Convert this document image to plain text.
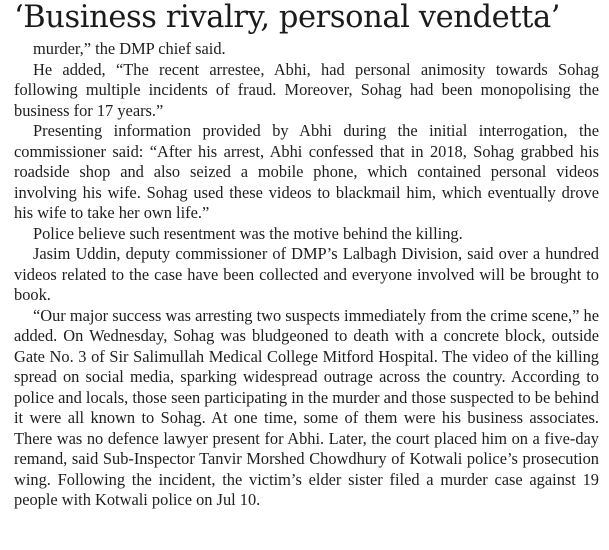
‘Business rivalry, personal vendetta’

murder,” the DMP chief said.

He added, “The recent arrestee, Abhi, had personal animosity towards Sohag following multiple incidents of fraud. Moreover, Sohag had been monopolising the business for 17 years.”

Presenting information provided by Abhi during the initial interrogation, the commissioner said: “After his arrest, Abhi confessed that in 2018, Sohag grabbed his roadside shop and also seized a mobile phone, which contained personal videos involving his wife. Sohag used these videos to blackmail him, which eventually drove his wife to take her own life.”

Police believe such resentment was the motive behind the killing.

Jasim Uddin, deputy commissioner of DMP’s Lalbagh Division, said over a hundred videos related to the case have been collected and everyone involved will be brought to book.

“Our major success was arresting two suspects immediately from the crime scene,” he added. On Wednesday, Sohag was bludgeoned to death with a concrete block, outside Gate No. 3 of Sir Salimullah Medical College Mitford Hospital. The video of the killing spread on social media, sparking widespread outrage across the country. According to police and locals, those seen participating in the murder and those suspected to be behind it were all known to Sohag. At one time, some of them were his business associates. There was no defence lawyer present for Abhi. Later, the court placed him on a five-day remand, said Sub-Inspector Tanvir Morshed Chowdhury of Kotwali police’s prosecution wing. Following the incident, the victim’s elder sister filed a murder case against 19 people with Kotwali police on Jul 10.
